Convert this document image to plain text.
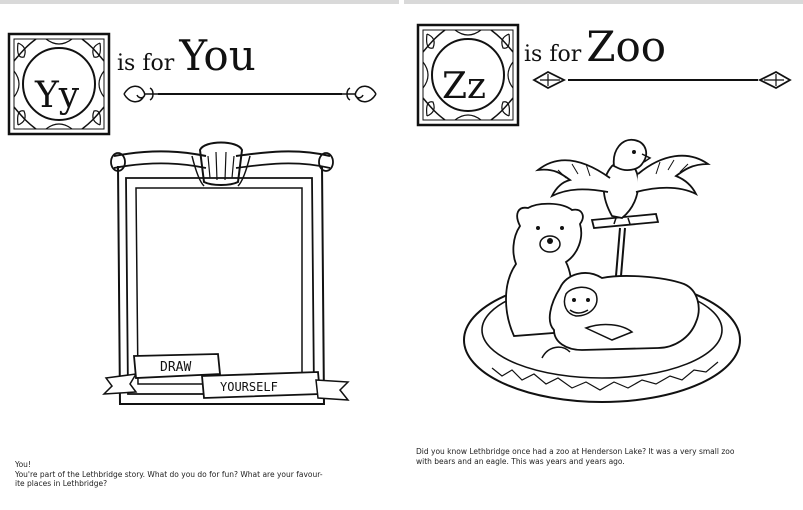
Yy
is for You
DRAW
YOURSELF
You!
You're part of the Lethbridge story. What do you do for fun? What are your favour-
ite places in Lethbridge?
Zz
is for Zoo
Did you know Lethbridge once had a zoo at Henderson Lake? It was a very small zoo
with bears and an eagle. This was years and years ago.
